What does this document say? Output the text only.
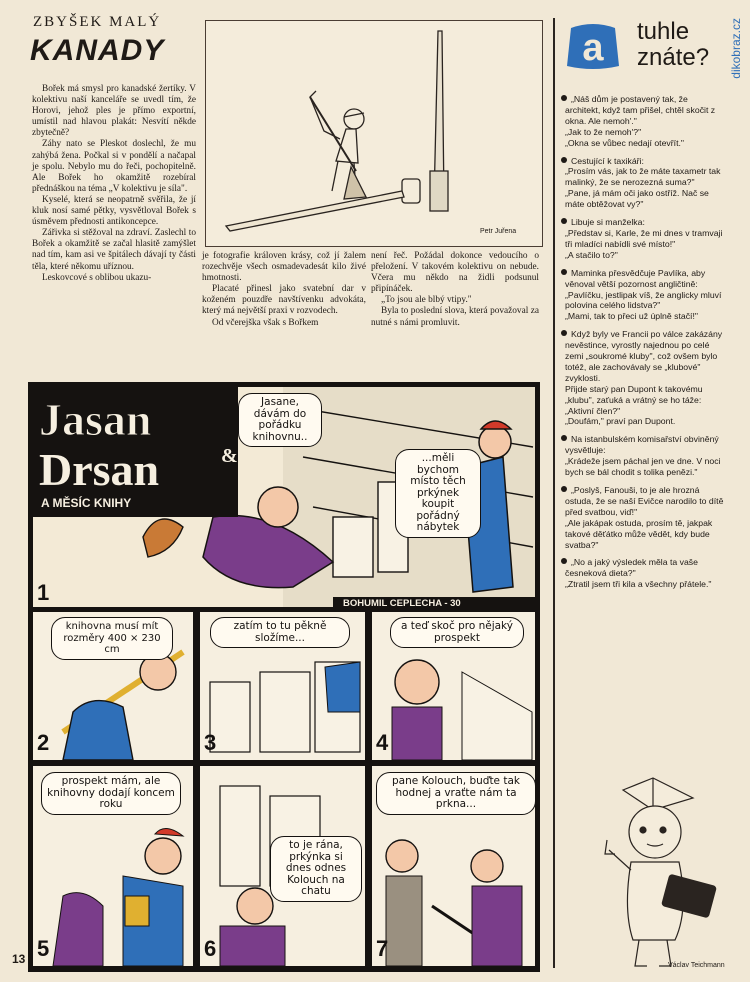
ZBYŠEK MALÝ
KANADY

Bořek má smysl pro kanadské žertíky. V kolektivu naší kanceláře se uvedl tím, že Horovi, jehož ples je přímo exportní, umístil nad hlavou plakát: Nesvítí někde zbytečně?

Záhy nato se Pleskot doslechl, že mu zahýbá žena. Počkal si v pondělí a načapal je spolu. Nebylo mu do řeči, pochopitelně. Ale Bořek ho okamžitě rozebíral přednáškou na téma „V kolektivu je síla".

Kyselé, která se neopatrně svěřila, že jí kluk nosí samé pětky, vysvětloval Bořek s úsměvem přednosti antikoncepce.

Zářivka si stěžoval na zdraví. Zaslechl to Bořek a okamžitě se začal hlasitě zamýšlet nad tím, kam asi ve špitálech dávají ty části těla, které někomu uříznou.

Leskovcové s oblibou ukazu-

je fotografie královen krásy, což jí žalem rozechvěje všech osmadevadesát kilo živé hmotnosti.

Placaté přinesl jako svatební dar v koženém pouzdře navštívenku advokáta, který má největší praxi v rozvodech.

Od včerejška však s Bořkem

není řeč. Požádal dokonce vedoucího o přeložení. V takovém kolektivu on nebude. Včera mu někdo na židli podsunul připínáček.

„To jsou ale blbý vtipy."

Byla to poslední slova, která považoval za nutné s námi promluvit.

Petr Juřena
a tuhle
znáte? dikobraz.cz
„Náš dům je postavený tak, že architekt, když tam přišel, chtěl skočit z okna. Ale nemoh'."
„Jak to že nemoh'?"
„Okna se vůbec nedají otevřít."
Cestující k taxikáři:
„Prosím vás, jak to že máte taxametr tak malinký, že se nerozezná suma?"
„Pane, já mám oči jako ostříž. Nač se máte obtěžovat vy?"
Libuje si manželka:
„Představ si, Karle, že mi dnes v tramvaji tři mladíci nabídli své místo!"
„A stačilo to?"
Maminka přesvědčuje Pavlíka, aby věnoval větší pozornost angličtině:
„Pavlíčku, jestlipak víš, že anglicky mluví polovina celého lidstva?"
„Mami, tak to přeci už úplně stačí!"
Když byly ve Francii po válce zakázány nevěstince, vyrostly najednou po celé zemi „soukromé kluby", což ovšem bylo totéž, ale zachovávaly se „klubové" zvyklosti.
Přijde starý pan Dupont k takovému „klubu", zaťuká a vrátný se ho táže:
„Aktivní člen?"
„Doufám," praví pan Dupont.
Na istanbulském komisařství obviněný vysvětluje:
„Krádeže jsem páchal jen ve dne. V noci bych se bál chodit s tolika penězi."
„Poslyš, Fanouši, to je ale hrozná ostuda, že se naší Evičce narodilo to dítě před svatbou, viď!"
„Ale jakápak ostuda, prosím tě, jakpak takové děťátko může vědět, kdy bude svatba?"
„No a jaký výsledek měla ta vaše česneková dieta?"
„Ztratil jsem tři kila a všechny přátele."
Václav Teichmann
13
Jasan
&
Drsan
A MĚSÍC KNIHY
BOHUMIL CEPLECHA - 30
Jasane, dávám do pořádku knihovnu..
...měli bychom místo těch prkýnek koupit pořádný nábytek
1
knihovna musí mít rozměry 400 × 230 cm
2
zatím to tu pěkně složíme...
3
a teď skoč pro nějaký prospekt
4
prospekt mám, ale knihovny dodají koncem roku
5
to je rána, prkýnka si dnes odnes Kolouch na chatu
6
pane Kolouch, buďte tak hodnej a vraťte nám ta prkna...
7
